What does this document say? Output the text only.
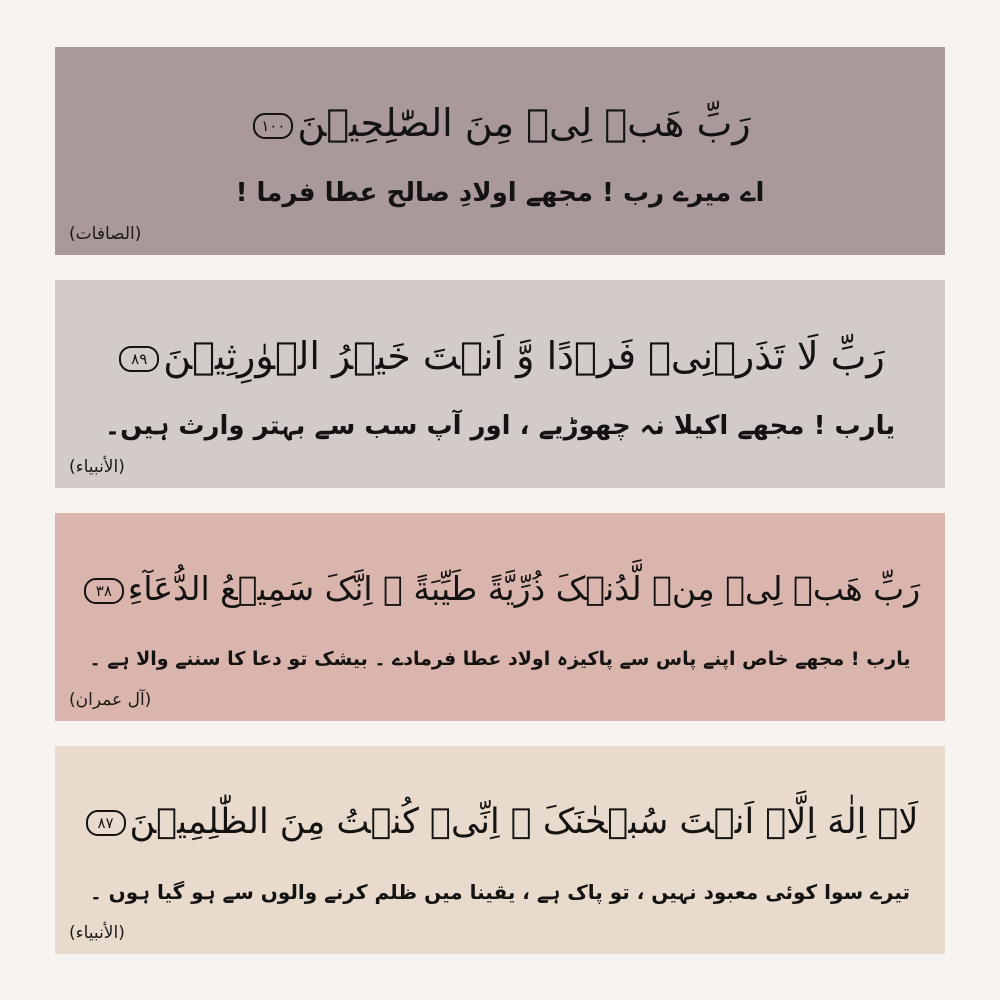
رَبِّ هَبۡ لِیۡ مِنَ الصّٰلِحِیۡنَ١٠٠
اے میرے رب ! مجھے اولادِ صالح عطا فرما !
(الصافات)
رَبِّ لَا تَذَرۡنِیۡ فَرۡدًا وَّ اَنۡتَ خَیۡرُ الۡوٰرِثِیۡنَ٨٩
یارب ! مجھے اکیلا نہ چھوڑیے ، اور آپ سب سے بہتر وارث ہیں۔
(الأنبياء)
رَبِّ هَبۡ لِیۡ مِنۡ لَّدُنۡکَ ذُرِّیَّةً طَیِّبَةً ۚ اِنَّکَ سَمِیۡعُ الدُّعَآءِ٣٨
یارب ! مجھے خاص اپنے پاس سے پاکیزہ اولاد عطا فرمادے ۔ بیشک تو دعا کا سننے والا ہے ۔
(آل عمران)
لَاۤ اِلٰهَ اِلَّاۤ اَنۡتَ سُبۡحٰنَکَ ۖ اِنِّیۡ کُنۡتُ مِنَ الظّٰلِمِیۡنَ٨٧
تیرے سوا کوئی معبود نہیں ، تو پاک ہے ، یقینا میں ظلم کرنے والوں سے ہو گیا ہوں ۔
(الأنبياء)
